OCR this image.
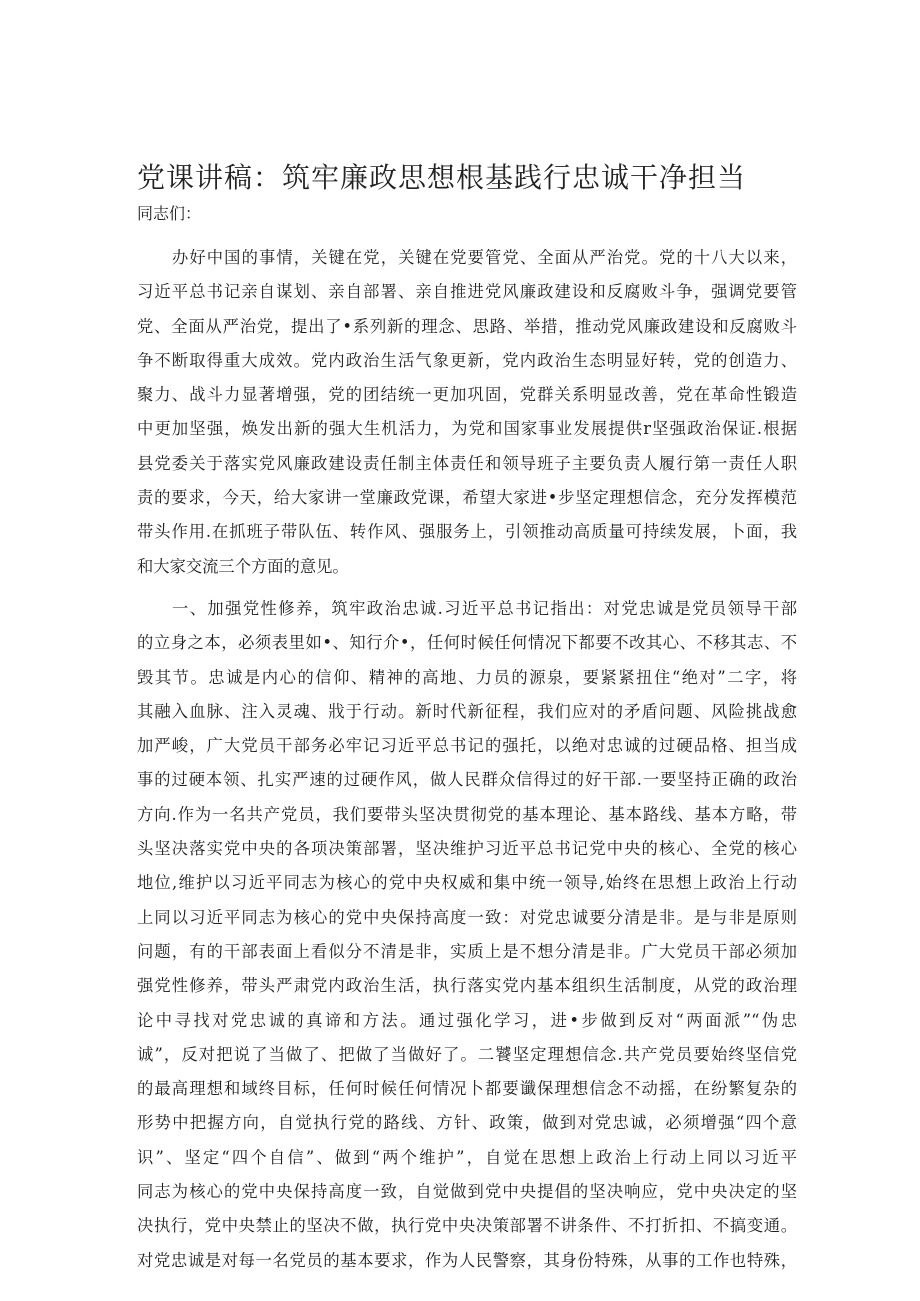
党课讲稿：筑牢廉政思想根基践行忠诚干净担当
同志们：
办好中国的事情，关键在党，关键在党要管党、全面从严治党。党的十八大以来，
习近平总书记亲自谋划、亲自部署、亲自推进党风廉政建设和反腐败斗争，强调党要管
党、全面从严治党，提出了•系列新的理念、思路、举措，推动党风廉政建设和反腐败斗
争不断取得重大成效。党内政治生活气象更新，党内政治生态明显好转，党的创造力、
聚力、战斗力显著增强，党的团结统一更加巩固，党群关系明显改善，党在革命性锻造
中更加坚强，焕发出新的强大生机活力，为党和国家事业发展提供r坚强政治保证.根据
县党委关于落实党风廉政建设责任制主体责任和领导班子主要负责人履行第一责任人职
责的要求，今天，给大家讲一堂廉政党课，希望大家进•步坚定理想信念，充分发挥模范
带头作用.在抓班子带队伍、转作风、强服务上，引领推动高质量可持续发展，卜面，我
和大家交流三个方面的意见。
一、加强党性修养，筑牢政治忠诚.习近平总书记指出：对党忠诚是党员领导干部
的立身之本，必须表里如•、知行介•，任何时候任何情况下都要不改其心、不移其志、不
毁其节。忠诚是内心的信仰、精神的高地、力员的源泉，要紧紧扭住“绝对”二字，将
其融入血脉、注入灵魂、戕于行动。新时代新征程，我们应对的矛盾问题、风险挑战愈
加严峻，广大党员干部务必牢记习近平总书记的强托，以绝对忠诚的过硬品格、担当成
事的过硬本领、扎实严速的过硬作风，做人民群众信得过的好干部.一要坚持正确的政治
方向.作为一名共产党员，我们要带头坚决贯彻党的基本理论、基本路线、基本方略，带
头坚决落实党中央的各项决策部署，坚决维护习近平总书记党中央的核心、全党的核心
地位,维护以习近平同志为核心的党中央权威和集中统一领导,始终在思想上政治上行动
上同以习近平同志为核心的党中央保持高度一致：对党忠诚要分清是非。是与非是原则
问题，有的干部表面上看似分不清是非，实质上是不想分清是非。广大党员干部必须加
强党性修养，带头严肃党内政治生活，执行落实党内基本组织生活制度，从党的政治理
论中寻找对党忠诚的真谛和方法。通过强化学习，进•步做到反对“两面派”“伪忠
诚”，反对把说了当做了、把做了当做好了。二饕坚定理想信念.共产党员要始终坚信党
的最高理想和域终目标，任何时候任何情况卜都要谶保理想信念不动摇，在纷繁复杂的
形势中把握方向，自觉执行党的路线、方针、政策，做到对党忠诚，必须增强“四个意
识”、坚定“四个自信”、做到“两个维护”，自觉在思想上政治上行动上同以习近平
同志为核心的党中央保持高度一致，自觉做到党中央提倡的坚决响应，党中央决定的坚
决执行，党中央禁止的坚决不做，执行党中央决策部署不讲条件、不打折扣、不搞变通。
对党忠诚是对每一名党员的基本要求，作为人民警察，其身份特殊，从事的工作也特殊，
